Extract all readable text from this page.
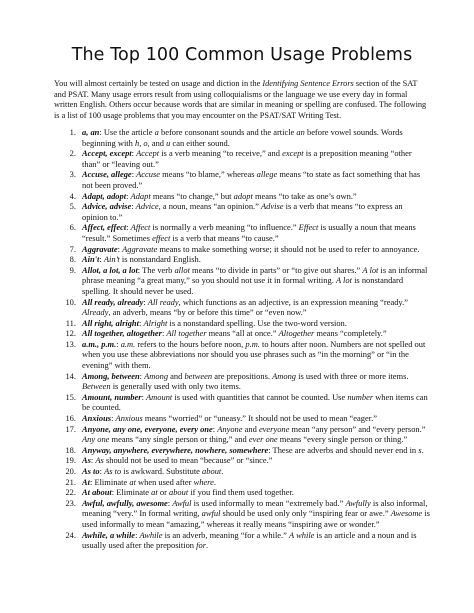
The Top 100 Common Usage Problems

You will almost certainly be tested on usage and diction in the Identifying Sentence Errors section of the SAT and PSAT. Many usage errors result from using colloquialisms or the language we use every day in formal written English. Others occur because words that are similar in meaning or spelling are confused. The following is a list of 100 usage problems that you may encounter on the PSAT/SAT Writing Test.

1. a, an: Use the article a before consonant sounds and the article an before vowel sounds. Words beginning with h, o, and u can either sound.
2. Accept, except: Accept is a verb meaning “to receive,” and except is a preposition meaning “other than” or “leaving out.”
3. Accuse, allege: Accuse means “to blame,” whereas allege means “to state as fact something that has not been proved.”
4. Adapt, adopt: Adapt means “to change,” but adopt means “to take as one’s own.”
5. Advice, advise: Advice, a noun, means “an opinion.” Advise is a verb that means “to express an opinion to.”
6. Affect, effect: Affect is normally a verb meaning “to influence.” Effect is usually a noun that means “result.” Sometimes effect is a verb that means “to cause.”
7. Aggravate: Aggravate means to make something worse; it should not be used to refer to annoyance.
8. Ain't: Ain’t is nonstandard English.
9. Allot, a lot, a lot: The verb allot means “to divide in parts” or “to give out shares.” A lot is an informal phrase meaning “a great many,” so you should not use it in formal writing. A lot is nonstandard spelling. It should never be used.
10. All ready, already: All ready, which functions as an adjective, is an expression meaning “ready.” Already, an adverb, means “by or before this time” or “even now.”
11. All right, alright: Alright is a nonstandard spelling. Use the two-word version.
12. All together, altogether: All together means “all at once.” Altogether means “completely.”
13. a.m., p.m.: a.m. refers to the hours before noon, p.m. to hours after noon. Numbers are not spelled out when you use these abbreviations nor should you use phrases such as “in the morning” or “in the evening” with them.
14. Among, between: Among and between are prepositions. Among is used with three or more items. Between is generally used with only two items.
15. Amount, number: Amount is used with quantities that cannot be counted. Use number when items can be counted.
16. Anxious: Anxious means “worried” or “uneasy.” It should not be used to mean “eager.”
17. Anyone, any one, everyone, every one: Anyone and everyone mean “any person” and “every person.” Any one means “any single person or thing,” and ever one means “every single person or thing.”
18. Anyway, anywhere, everywhere, nowhere, somewhere: These are adverbs and should never end in s.
19. As: As should not be used to mean “because” or “since.”
20. As to: As to is awkward. Substitute about.
21. At: Eliminate at when used after where.
22. At about: Eliminate at or about if you find them used together.
23. Awful, awfully, awesome: Awful is used informally to mean “extremely bad.” Awfully is also informal, meaning “very.” In formal writing, awful should be used only only “inspiring fear or awe.” Awesome is used informally to mean “amazing,” whereas it really means “inspiring awe or wonder.”
24. Awhile, a while: Awhile is an adverb, meaning “for a while.” A while is an article and a noun and is usually used after the preposition for.
